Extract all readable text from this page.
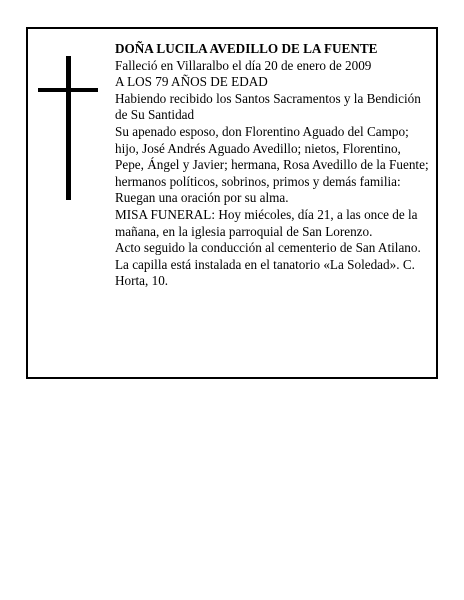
DOÑA LUCILA AVEDILLO DE LA FUENTE

Falleció en Villaralbo el día 20 de enero de 2009

A LOS 79 AÑOS DE EDAD

Habiendo recibido los Santos Sacramentos y la Bendición de Su Santidad

Su apenado esposo, don Florentino Aguado del Campo; hijo, José Andrés Aguado Avedillo; nietos, Florentino, Pepe, Ángel y Javier; hermana, Rosa Avedillo de la Fuente; hermanos políticos, sobrinos, primos y demás familia:

Ruegan una oración por su alma.

MISA FUNERAL: Hoy miécoles, día 21, a las once de la mañana, en la iglesia parroquial de San Lorenzo.

Acto seguido la conducción al cementerio de San Atilano.

La capilla está instalada en el tanatorio «La Soledad». C. Horta, 10.
